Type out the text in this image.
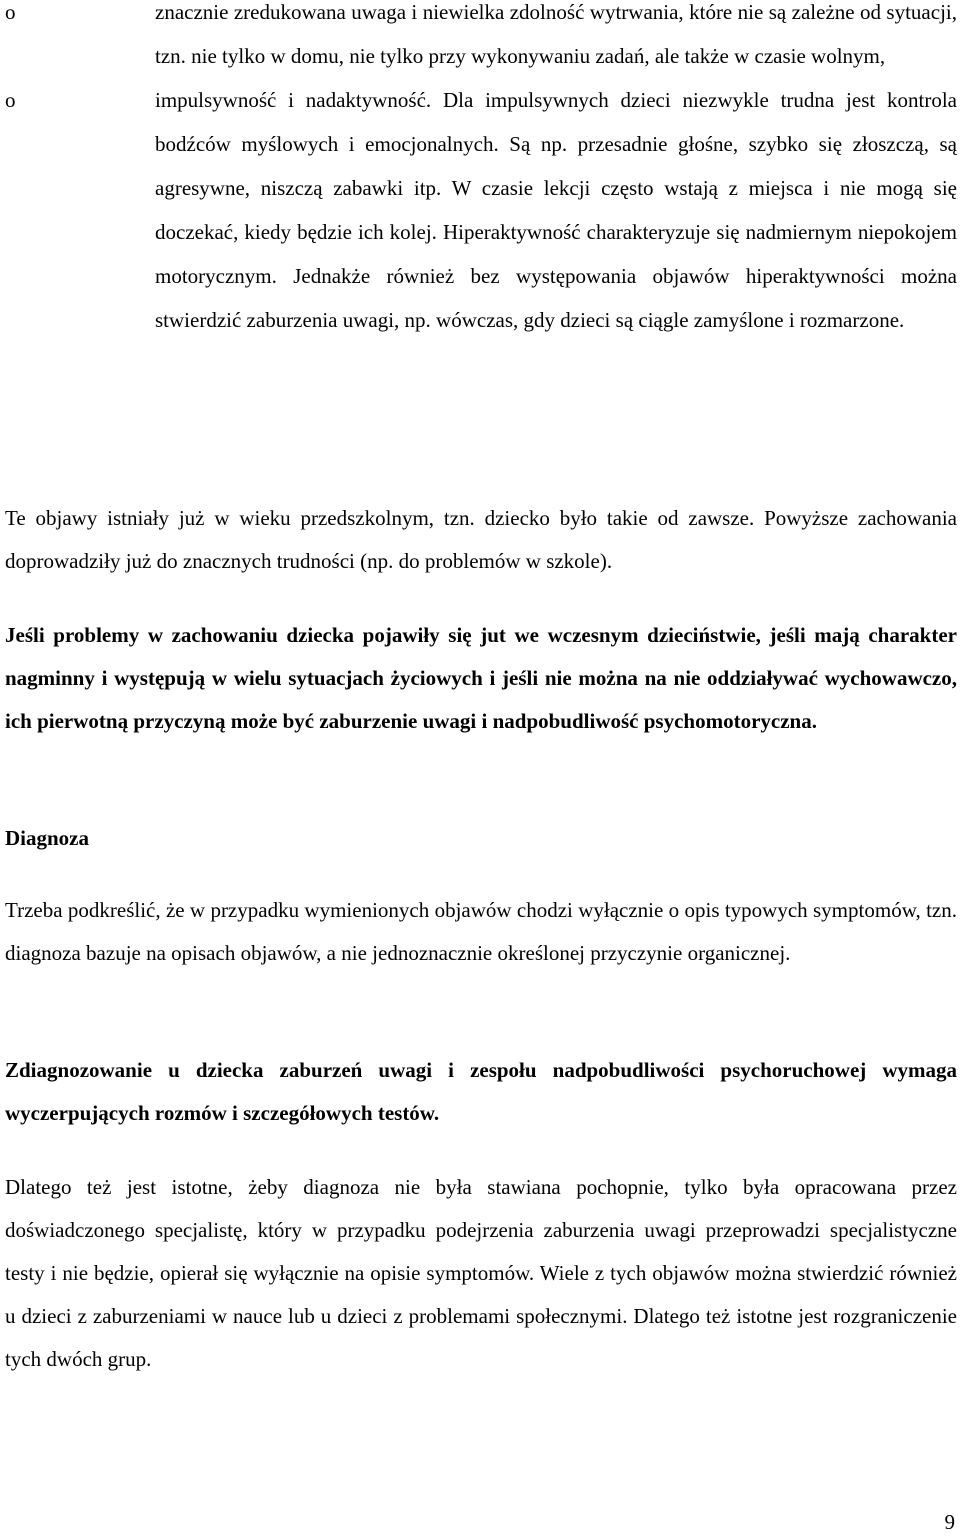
o	znacznie zredukowana uwaga i niewielka zdolność wytrwania, które nie są zależne od sytuacji, tzn. nie tylko w domu, nie tylko przy wykonywaniu zadań, ale także w czasie wolnym,
o	impulsywność i nadaktywność. Dla impulsywnych dzieci niezwykle trudna jest kontrola bodźców myślowych i emocjonalnych. Są np. przesadnie głośne, szybko się złoszczą, są agresywne, niszczą zabawki itp. W czasie lekcji często wstają z miejsca i nie mogą się doczekać, kiedy będzie ich kolej. Hiperaktywność charakteryzuje się nadmiernym niepokojem motorycznym. Jednakże również bez występowania objawów hiperaktywności można stwierdzić zaburzenia uwagi, np. wówczas, gdy dzieci są ciągle zamyślone i rozmarzone.

Te objawy istniały już w wieku przedszkolnym, tzn. dziecko było takie od zawsze. Powyższe zachowania doprowadziły już do znacznych trudności (np. do problemów w szkole).

Jeśli problemy w zachowaniu dziecka pojawiły się jut we wczesnym dzieciństwie, jeśli mają charakter nagminny i występują w wielu sytuacjach życiowych i jeśli nie można na nie oddziaływać wychowawczo, ich pierwotną przyczyną może być zaburzenie uwagi i nadpobudliwość psychomotoryczna.

Diagnoza

Trzeba podkreślić, że w przypadku wymienionych objawów chodzi wyłącznie o opis typowych symptomów, tzn. diagnoza bazuje na opisach objawów, a nie jednoznacznie określonej przyczynie organicznej.

Zdiagnozowanie u dziecka zaburzeń uwagi i zespołu nadpobudliwości psychoruchowej wymaga wyczerpujących rozmów i szczegółowych testów.

Dlatego też jest istotne, żeby diagnoza nie była stawiana pochopnie, tylko była opracowana przez doświadczonego specjalistę, który w przypadku podejrzenia zaburzenia uwagi przeprowadzi specjalistyczne testy i nie będzie, opierał się wyłącznie na opisie symptomów. Wiele z tych objawów można stwierdzić również u dzieci z zaburzeniami w nauce lub u dzieci z problemami społecznymi. Dlatego też istotne jest rozgraniczenie tych dwóch grup.

9
